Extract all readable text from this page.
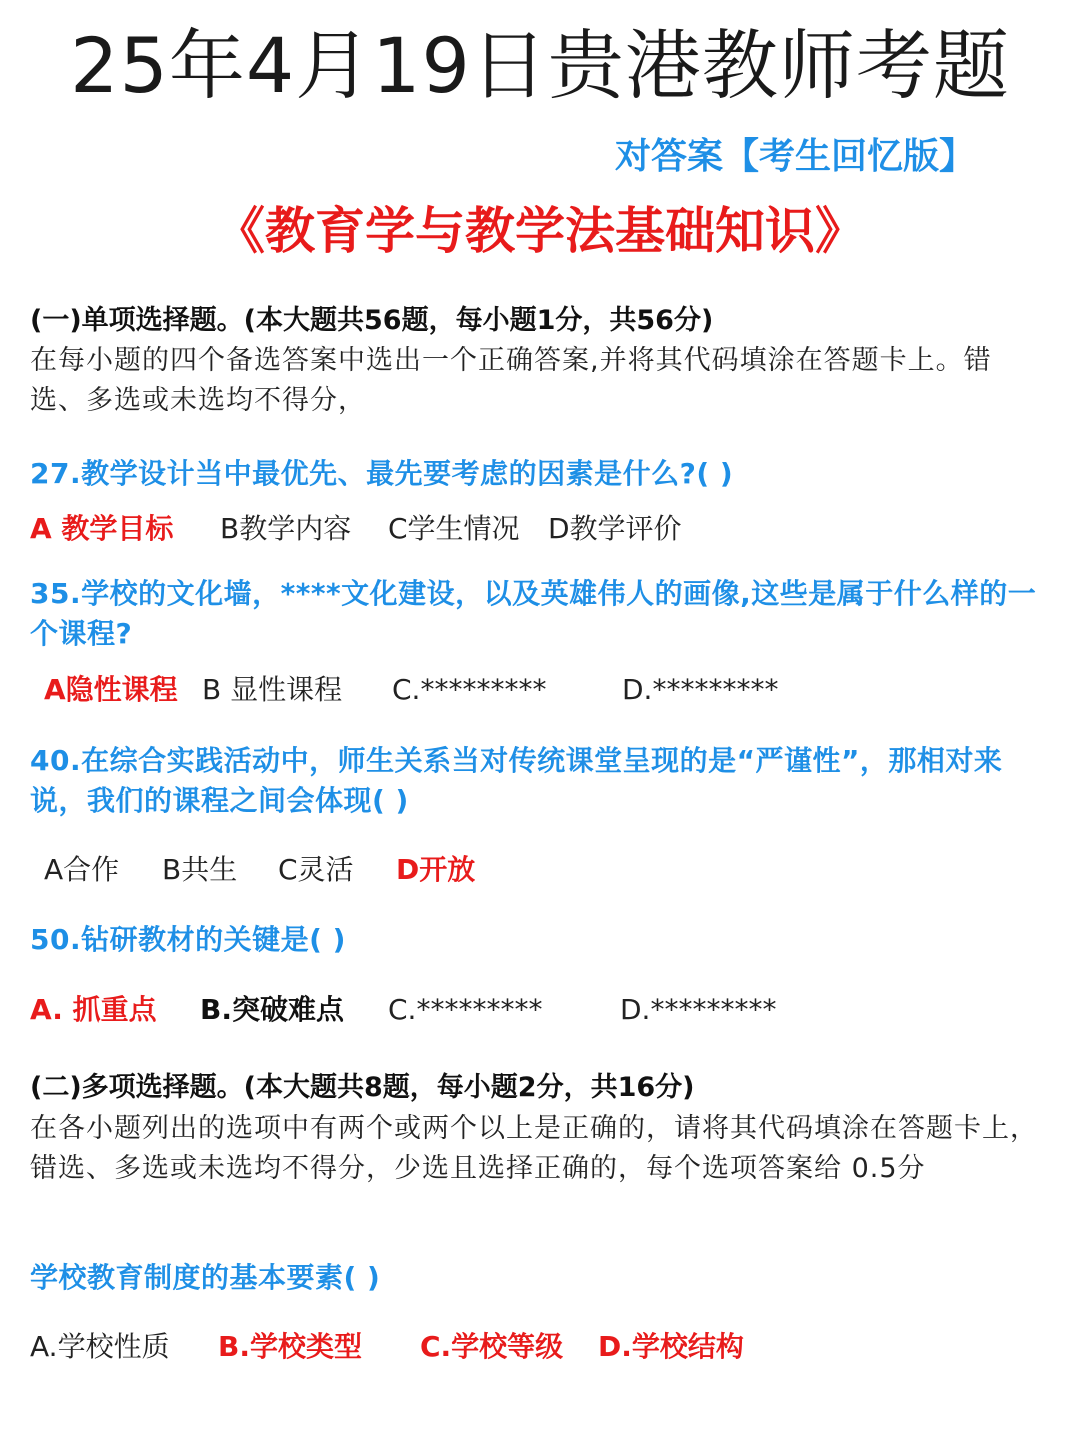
25年4月19日贵港教师考题
对答案【考生回忆版】
《教育学与教学法基础知识》
(一)单项选择题。(本大题共56题，每小题1分，共56分)
在每小题的四个备选答案中选出一个正确答案,并将其代码填涂在答题卡上。错选、多选或未选均不得分，
27.教学设计当中最优先、最先要考虑的因素是什么?( )
A 教学目标 B教学内容 C学生情况 D教学评价
35.学校的文化墙，****文化建设，以及英雄伟人的画像,这些是属于什么样的一个课程?
A隐性课程 B 显性课程 C.*********	D.*********
40.在综合实践活动中，师生关系当对传统课堂呈现的是“严谨性”，那相对来说，我们的课程之间会体现( )
A合作 B共生 C灵活 D开放
50.钻研教材的关键是( )
A. 抓重点 B.突破难点 C.*********	D.*********
(二)多项选择题。(本大题共8题，每小题2分，共16分)
在各小题列出的选项中有两个或两个以上是正确的，请将其代码填涂在答题卡上，错选、多选或未选均不得分，少选且选择正确的，每个选项答案给 0.5分
学校教育制度的基本要素( )
A.学校性质 B.学校类型 C.学校等级 D.学校结构
